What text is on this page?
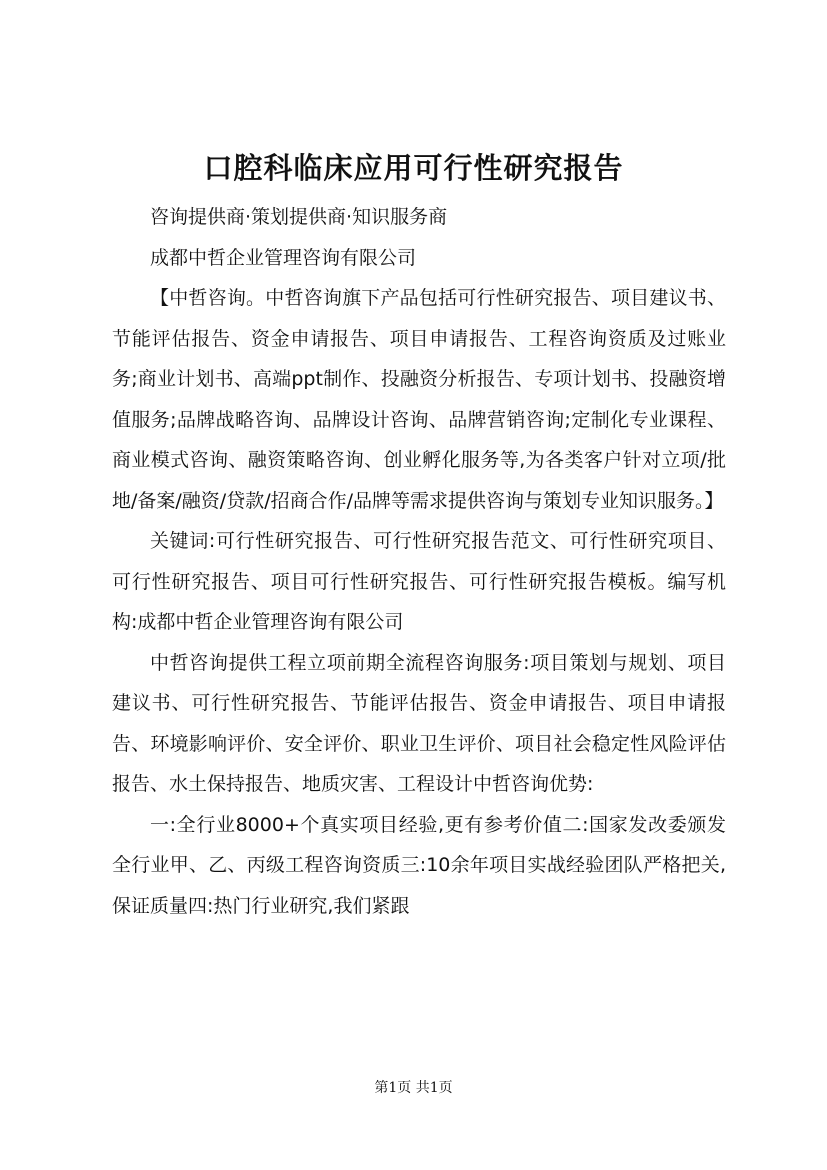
口腔科临床应用可行性研究报告

咨询提供商·策划提供商·知识服务商

成都中哲企业管理咨询有限公司

【中哲咨询。中哲咨询旗下产品包括可行性研究报告、项目建议书、节能评估报告、资金申请报告、项目申请报告、工程咨询资质及过账业务;商业计划书、高端ppt制作、投融资分析报告、专项计划书、投融资增值服务;品牌战略咨询、品牌设计咨询、品牌营销咨询;定制化专业课程、商业模式咨询、融资策略咨询、创业孵化服务等,为各类客户针对立项/批地/备案/融资/贷款/招商合作/品牌等需求提供咨询与策划专业知识服务。】

关键词:可行性研究报告、可行性研究报告范文、可行性研究项目、可行性研究报告、项目可行性研究报告、可行性研究报告模板。编写机构:成都中哲企业管理咨询有限公司

中哲咨询提供工程立项前期全流程咨询服务:项目策划与规划、项目建议书、可行性研究报告、节能评估报告、资金申请报告、项目申请报告、环境影响评价、安全评价、职业卫生评价、项目社会稳定性风险评估报告、水土保持报告、地质灾害、工程设计中哲咨询优势:

一:全行业8000+个真实项目经验,更有参考价值二:国家发改委颁发全行业甲、乙、丙级工程咨询资质三:10余年项目实战经验团队严格把关,保证质量四:热门行业研究,我们紧跟

第1页 共1页
